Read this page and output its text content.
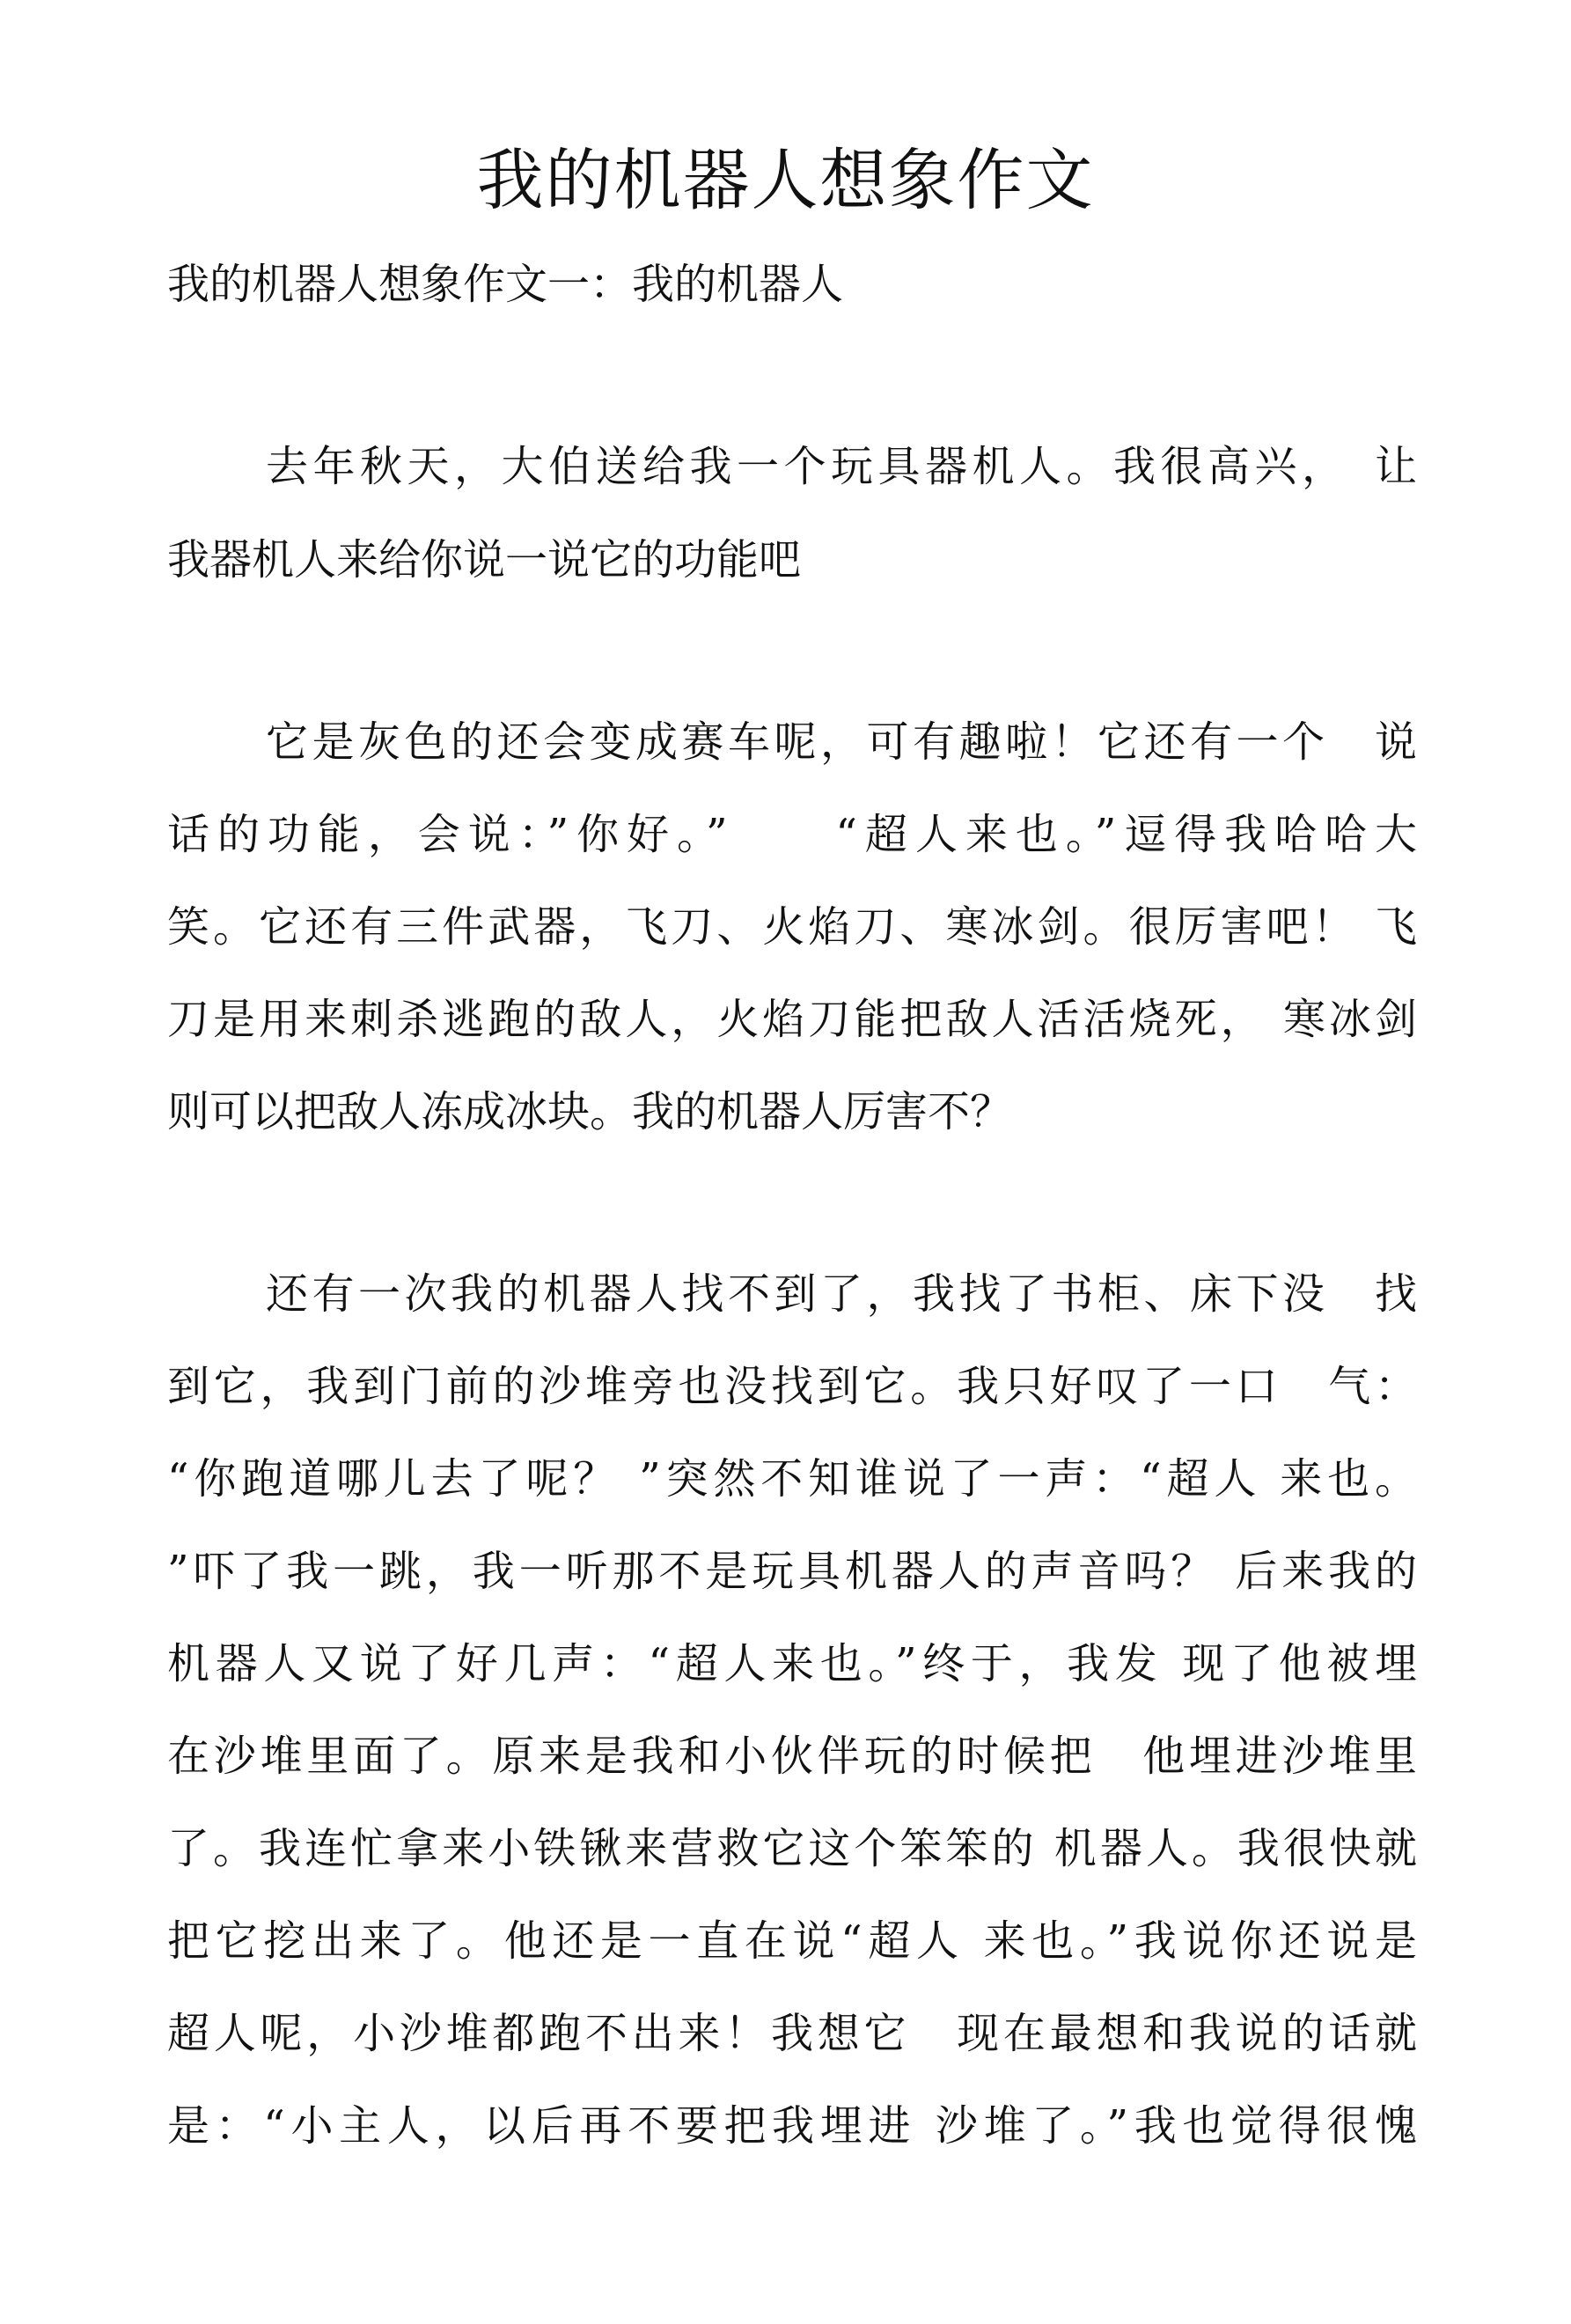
我的机器人想象作文
我的机器人想象作文一：我的机器人
去年秋天，大伯送给我一个玩具器机人。我很高兴，　让
我器机人来给你说一说它的功能吧
它是灰色的还会变成赛车呢，可有趣啦！它还有一个　说
话的功能，会说：”你好。”　　“超人来也。”逗得我哈哈大
笑。它还有三件武器，飞刀、火焰刀、寒冰剑。很厉害吧！ 飞
刀是用来刺杀逃跑的敌人，火焰刀能把敌人活活烧死， 寒冰剑
则可以把敌人冻成冰块。我的机器人厉害不？
还有一次我的机器人找不到了，我找了书柜、床下没　找
到它，我到门前的沙堆旁也没找到它。我只好叹了一口　气：
“你跑道哪儿去了呢？ ”突然不知谁说了一声：“超人 来也。
”吓了我一跳，我一听那不是玩具机器人的声音吗？ 后来我的
机器人又说了好几声：“超人来也。”终于，我发 现了他被埋
在沙堆里面了。原来是我和小伙伴玩的时候把　他埋进沙堆里
了。我连忙拿来小铁锹来营救它这个笨笨的 机器人。我很快就
把它挖出来了。他还是一直在说“超人 来也。”我说你还说是
超人呢，小沙堆都跑不出来！我想它　现在最想和我说的话就
是：“小主人，以后再不要把我埋进 沙堆了。”我也觉得很愧
